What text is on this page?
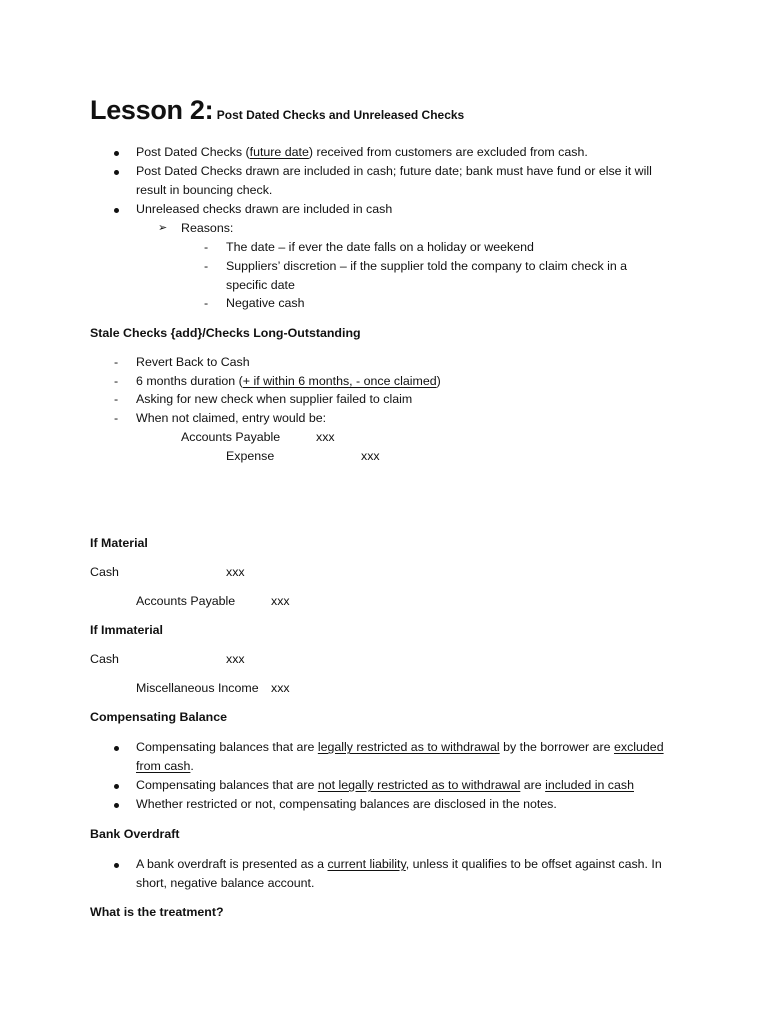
Lesson 2: Post Dated Checks and Unreleased Checks
Post Dated Checks (future date) received from customers are excluded from cash.
Post Dated Checks drawn are included in cash; future date; bank must have fund or else it will
result in bouncing check.
Unreleased checks drawn are included in cash
➢ Reasons:
- The date – if ever the date falls on a holiday or weekend
- Suppliers’ discretion – if the supplier told the company to claim check in a
specific date
- Negative cash
Stale Checks {add}/Checks Long-Outstanding
- Revert Back to Cash
- 6 months duration (+ if within 6 months, - once claimed)
- Asking for new check when supplier failed to claim
- When not claimed, entry would be:
Accounts Payable	xxx
Expense	xxx
If Material
Cash	xxx
Accounts Payable	xxx
If Immaterial
Cash	xxx
Miscellaneous Income xxx
Compensating Balance
Compensating balances that are legally restricted as to withdrawal by the borrower are excluded
from cash.
Compensating balances that are not legally restricted as to withdrawal are included in cash
Whether restricted or not, compensating balances are disclosed in the notes.
Bank Overdraft
A bank overdraft is presented as a current liability, unless it qualifies to be offset against cash. In
short, negative balance account.
What is the treatment?
